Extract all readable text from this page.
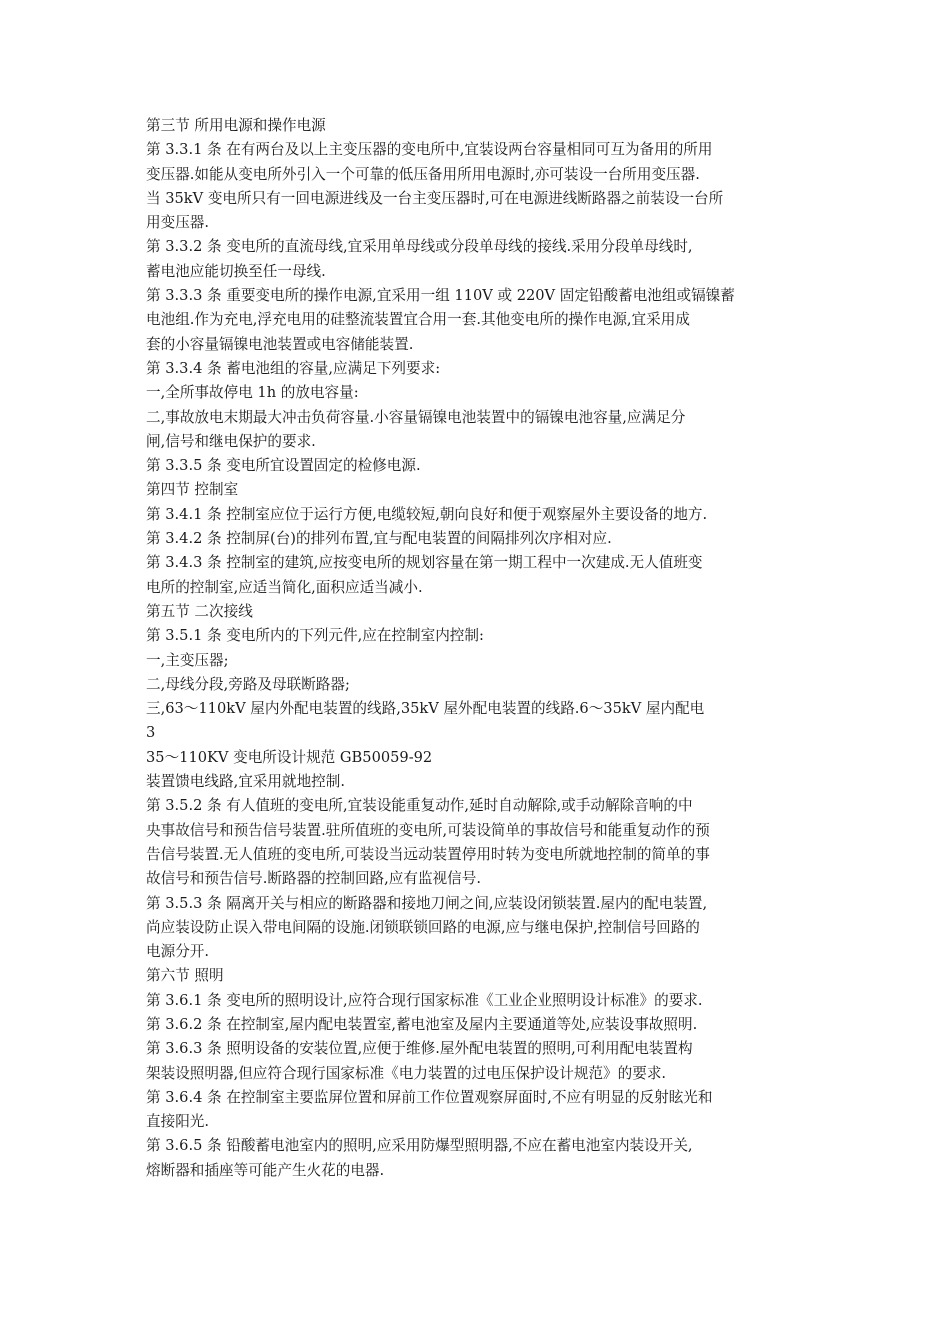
第三节 所用电源和操作电源
第 3.3.1 条 在有两台及以上主变压器的变电所中,宜装设两台容量相同可互为备用的所用
变压器.如能从变电所外引入一个可靠的低压备用所用电源时,亦可装设一台所用变压器.
当 35kV 变电所只有一回电源进线及一台主变压器时,可在电源进线断路器之前装设一台所
用变压器.
第 3.3.2 条 变电所的直流母线,宜采用单母线或分段单母线的接线.采用分段单母线时,
蓄电池应能切换至任一母线.
第 3.3.3 条 重要变电所的操作电源,宜采用一组 110V 或 220V 固定铅酸蓄电池组或镉镍蓄
电池组.作为充电,浮充电用的硅整流装置宜合用一套.其他变电所的操作电源,宜采用成
套的小容量镉镍电池装置或电容储能装置.
第 3.3.4 条 蓄电池组的容量,应满足下列要求:
一,全所事故停电 1h 的放电容量:
二,事故放电末期最大冲击负荷容量.小容量镉镍电池装置中的镉镍电池容量,应满足分
闸,信号和继电保护的要求.
第 3.3.5 条 变电所宜设置固定的检修电源.
第四节 控制室
第 3.4.1 条 控制室应位于运行方便,电缆较短,朝向良好和便于观察屋外主要设备的地方.
第 3.4.2 条 控制屏(台)的排列布置,宜与配电装置的间隔排列次序相对应.
第 3.4.3 条 控制室的建筑,应按变电所的规划容量在第一期工程中一次建成.无人值班变
电所的控制室,应适当简化,面积应适当减小.
第五节 二次接线
第 3.5.1 条 变电所内的下列元件,应在控制室内控制:
一,主变压器;
二,母线分段,旁路及母联断路器;
三,63～110kV 屋内外配电装置的线路,35kV 屋外配电装置的线路.6～35kV 屋内配电
3
35～110KV 变电所设计规范 GB50059-92
装置馈电线路,宜采用就地控制.
第 3.5.2 条 有人值班的变电所,宜装设能重复动作,延时自动解除,或手动解除音响的中
央事故信号和预告信号装置.驻所值班的变电所,可装设简单的事故信号和能重复动作的预
告信号装置.无人值班的变电所,可装设当远动装置停用时转为变电所就地控制的简单的事
故信号和预告信号.断路器的控制回路,应有监视信号.
第 3.5.3 条 隔离开关与相应的断路器和接地刀闸之间,应装设闭锁装置.屋内的配电装置,
尚应装设防止误入带电间隔的设施.闭锁联锁回路的电源,应与继电保护,控制信号回路的
电源分开.
第六节 照明
第 3.6.1 条 变电所的照明设计,应符合现行国家标准《工业企业照明设计标准》的要求.
第 3.6.2 条 在控制室,屋内配电装置室,蓄电池室及屋内主要通道等处,应装设事故照明.
第 3.6.3 条 照明设备的安装位置,应便于维修.屋外配电装置的照明,可利用配电装置构
架装设照明器,但应符合现行国家标准《电力装置的过电压保护设计规范》的要求.
第 3.6.4 条 在控制室主要监屏位置和屏前工作位置观察屏面时,不应有明显的反射眩光和
直接阳光.
第 3.6.5 条 铅酸蓄电池室内的照明,应采用防爆型照明器,不应在蓄电池室内装设开关,
熔断器和插座等可能产生火花的电器.
